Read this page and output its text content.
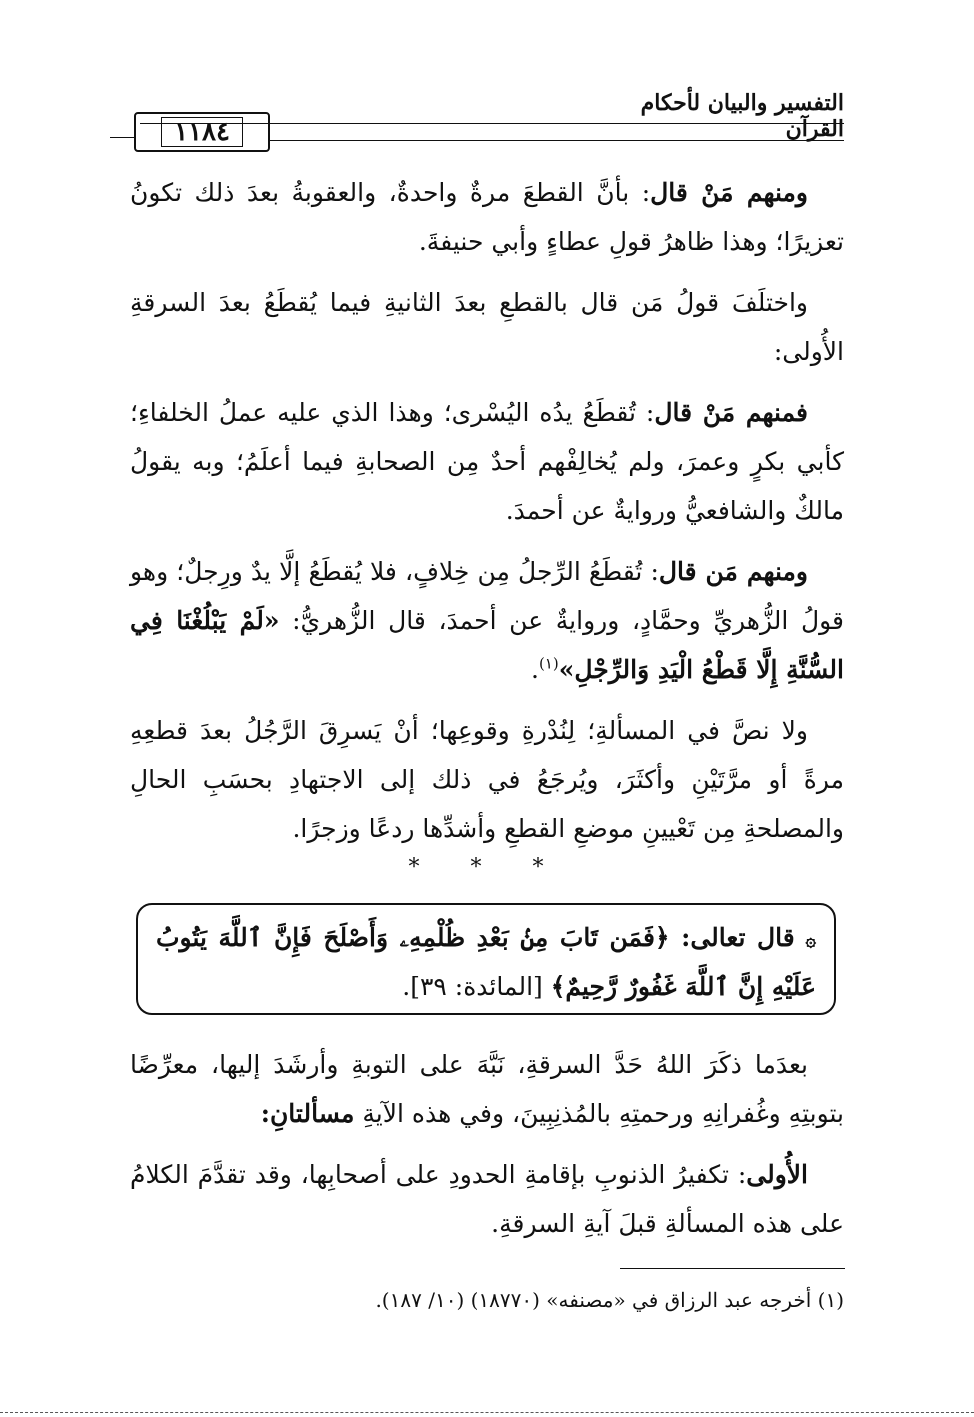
التفسير والبيان لأحكام القرآن
١١٨٤

ومنهم مَنْ قال: بأنَّ القطعَ مرةٌ واحدةٌ، والعقوبةُ بعدَ ذلك تكونُ تعزيرًا؛ وهذا ظاهرُ قولِ عطاءٍ وأبي حنيفةَ.

واختلَفَ قولُ مَن قال بالقطعِ بعدَ الثانيةِ فيما يُقطَعُ بعدَ السرقةِ الأُولى:

فمنهم مَنْ قال: تُقطَعُ يدُه اليُسْرى؛ وهذا الذي عليه عملُ الخلفاءِ؛ كأبي بكرٍ وعمرَ، ولم يُخالِفْهم أحدٌ مِن الصحابةِ فيما أعلَمُ؛ وبه يقولُ مالكٌ والشافعيُّ وروايةٌ عن أحمدَ.

ومنهم مَن قال: تُقطَعُ الرِّجلُ مِن خِلافٍ، فلا يُقطَعُ إلَّا يدٌ ورِجلٌ؛ وهو قولُ الزُّهريِّ وحمَّادٍ، وروايةٌ عن أحمدَ، قال الزُّهريُّ: «لَمْ يَبْلُغْنَا فِي السُّنَّةِ إِلَّا قَطْعُ الْيَدِ وَالرِّجْلِ»$^{(١)}$.

ولا نصَّ في المسألةِ؛ لِنُدْرةِ وقوعِها؛ أنْ يَسرِقَ الرَّجُلُ بعدَ قطعِهِ مرةً أو مرَّتَيْنِ وأكثَرَ، ويُرجَعُ في ذلك إلى الاجتهادِ بحسَبِ الحالِ والمصلحةِ مِن تَعْيينِ موضعِ القطعِ وأشدِّها ردعًا وزجرًا.

* * *
۞ قال تعالى: ﴿فَمَن تَابَ مِنۢ بَعْدِ ظُلْمِهِۦ وَأَصْلَحَ فَإِنَّ ٱللَّهَ يَتُوبُ عَلَيْهِ إِنَّ ٱللَّهَ غَفُورٌ رَّحِيمٌ﴾ [المائدة: ٣٩].

بعدَما ذكَرَ اللهُ حَدَّ السرقةِ، نَبَّهَ على التوبةِ وأرشَدَ إليها، معرِّضًا بتوبتِهِ وغُفرانِهِ ورحمتِهِ بالمُذنِبِينَ، وفي هذه الآيةِ مسألتانِ:

الأُولى: تكفيرُ الذنوبِ بإقامةِ الحدودِ على أصحابِها، وقد تقدَّمَ الكلامُ على هذه المسألةِ قبلَ آيةِ السرقةِ.

(١) أخرجه عبد الرزاق في «مصنفه» (١٨٧٧٠) (١٠/ ١٨٧).
